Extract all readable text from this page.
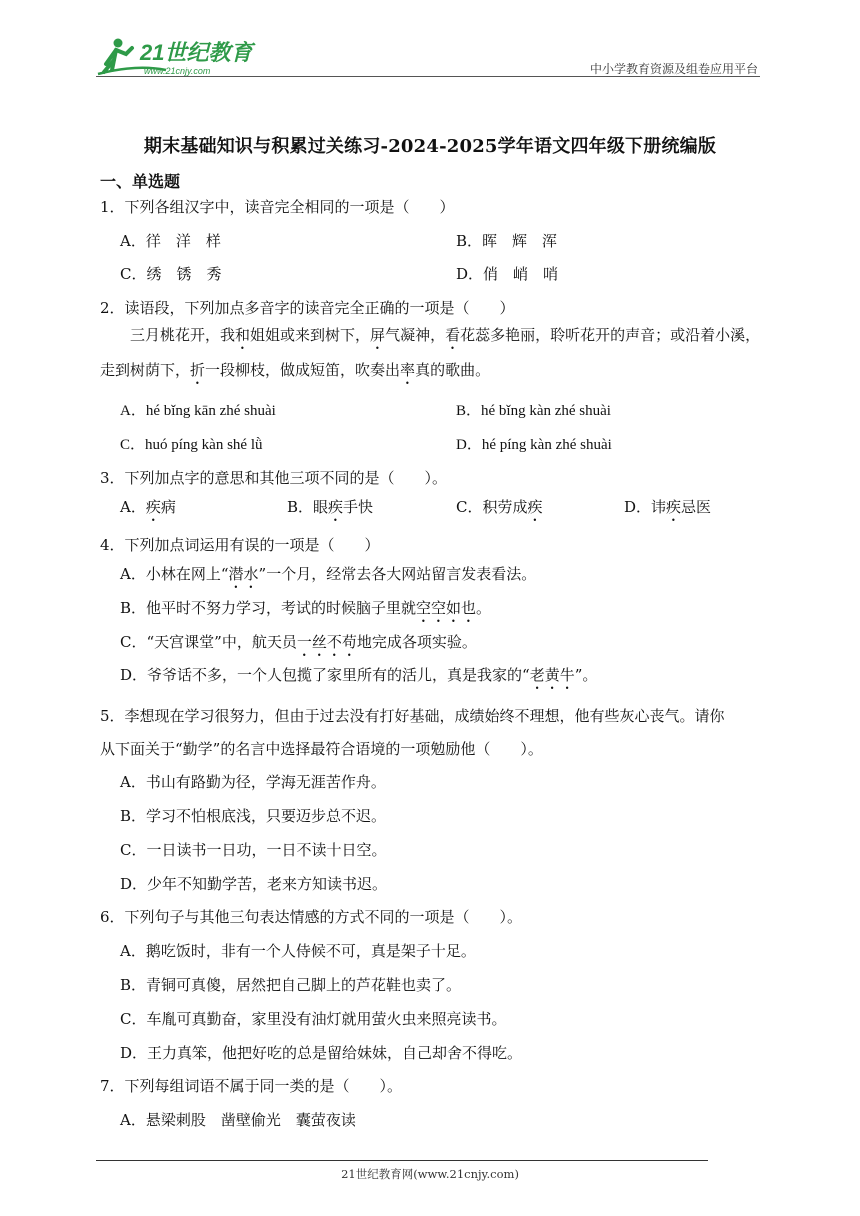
21世纪教育
www.21cnjy.com	中小学教育资源及组卷应用平台
期末基础知识与积累过关练习-2024-2025学年语文四年级下册统编版
一、单选题
1．下列各组汉字中，读音完全相同的一项是（　　）
A．徉　洋　样	B．晖　辉　浑
C．绣　锈　秀	D．俏　峭　哨
2．读语段，下列加点多音字的读音完全正确的一项是（　　）
三月桃花开，我和姐姐或来到树下，屏气凝神，看花蕊多艳丽，聆听花开的声音；或沿着小溪，走到树荫下，折一段柳枝，做成短笛，吹奏出率真的歌曲。
A．hé bǐng kān zhé shuài	B．hé bǐng kàn zhé shuài
C．huó píng kàn shé lǜ	D．hé píng kàn zhé shuài
3．下列加点字的意思和其他三项不同的是（　　）。
A．疾病	B．眼疾手快	C．积劳成疾	D．讳疾忌医
4．下列加点词运用有误的一项是（　　）
A．小林在网上“潜水”一个月，经常去各大网站留言发表看法。
B．他平时不努力学习，考试的时候脑子里就空空如也。
C．“天宫课堂”中，航天员一丝不苟地完成各项实验。
D．爷爷话不多，一个人包揽了家里所有的活儿，真是我家的“老黄牛”。
5．李想现在学习很努力，但由于过去没有打好基础，成绩始终不理想，他有些灰心丧气。请你
从下面关于“勤学”的名言中选择最符合语境的一项勉励他（　　）。
A．书山有路勤为径，学海无涯苦作舟。
B．学习不怕根底浅，只要迈步总不迟。
C．一日读书一日功，一日不读十日空。
D．少年不知勤学苦，老来方知读书迟。
6．下列句子与其他三句表达情感的方式不同的一项是（　　）。
A．鹅吃饭时，非有一个人侍候不可，真是架子十足。
B．青铜可真傻，居然把自己脚上的芦花鞋也卖了。
C．车胤可真勤奋，家里没有油灯就用萤火虫来照亮读书。
D．王力真笨，他把好吃的总是留给妹妹，自己却舍不得吃。
7．下列每组词语不属于同一类的是（　　）。
A．悬梁刺股　凿壁偷光　囊萤夜读
21世纪教育网(www.21cnjy.com)
